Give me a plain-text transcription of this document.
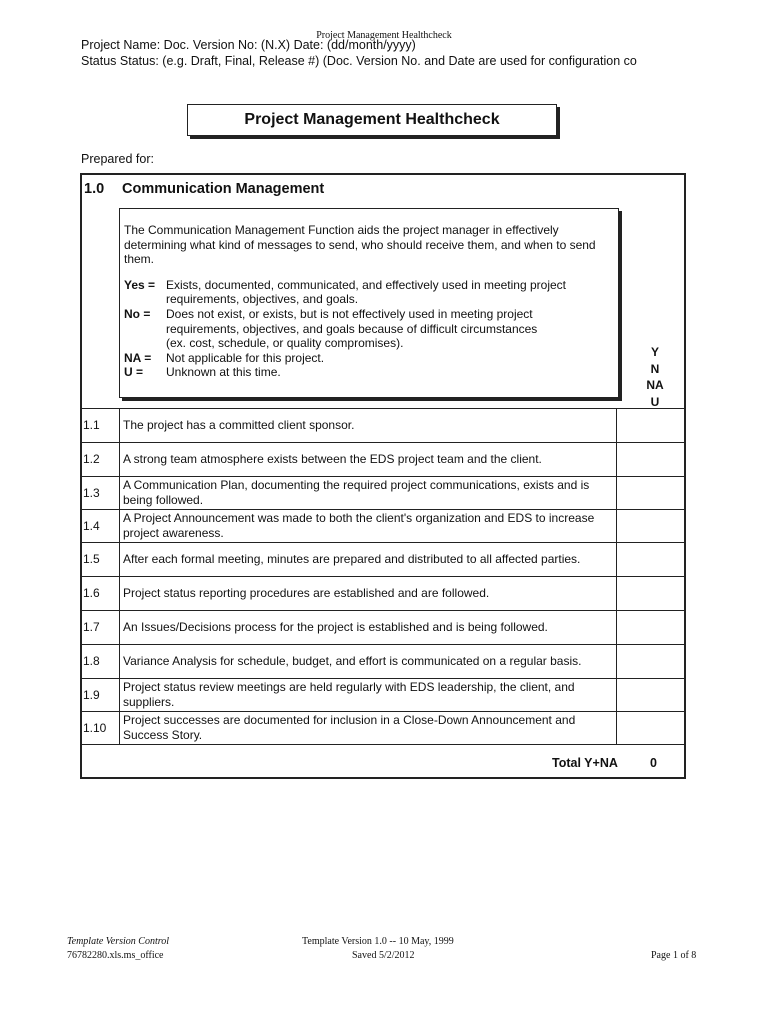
Project Management Healthcheck
Project Name: Doc. Version No: (N.X) Date: (dd/month/yyyy)
Status Status: (e.g. Draft, Final, Release #) (Doc. Version No. and Date are used for configuration co
Project Management Healthcheck
Prepared for:
1.0 Communication Management

The Communication Management Function aids the project manager in effectively determining what kind of messages to send, who should receive them, and when to send them.

Yes = Exists, documented, communicated, and effectively used in meeting project
requirements, objectives, and goals.
No = Does not exist, or exists, but is not effectively used in meeting project
requirements, objectives, and goals because of difficult circumstances
(ex. cost, schedule, or quality compromises).
NA = Not applicable for this project.
U = Unknown at this time.
Y
N
NA
U
1.1	The project has a committed client sponsor.	
1.2	A strong team atmosphere exists between the EDS project team and the client.	
1.3	A Communication Plan, documenting the required project communications, exists and is being followed.	
1.4	A Project Announcement was made to both the client's organization and EDS to increase project awareness.	
1.5	After each formal meeting, minutes are prepared and distributed to all affected parties.	
1.6	Project status reporting procedures are established and are followed.	
1.7	An Issues/Decisions process for the project is established and is being followed.	
1.8	Variance Analysis for schedule, budget, and effort is communicated on a regular basis.	
1.9	Project status review meetings are held regularly with EDS leadership, the client, and suppliers.	
1.10	Project successes are documented for inclusion in a Close-Down Announcement and Success Story.	

Total Y+NA	0
Template Version Control
76782280.xls.ms_office
Template Version 1.0 -- 10 May, 1999
Saved 5/2/2012	Page 1 of 8
